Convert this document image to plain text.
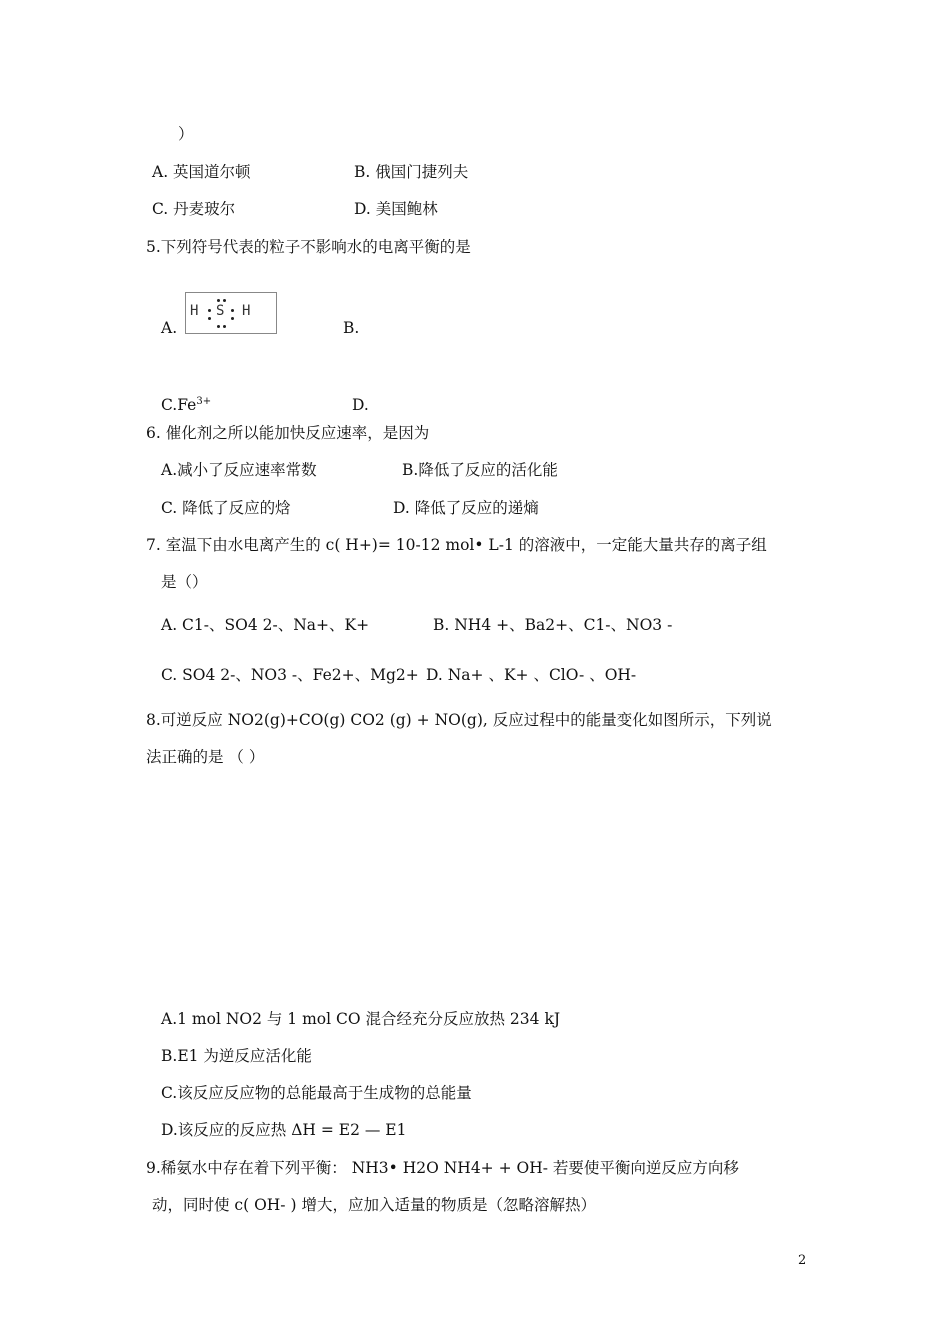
）
A. 英国道尔顿	B. 俄国门捷列夫
C. 丹麦玻尔	D. 美国鲍林
5.下列符号代表的粒子不影响水的电离平衡的是
A.
H S H
B.
$C.Fe^{3+}$	D.
6. 催化剂之所以能加快反应速率，是因为
A.减小了反应速率常数	B.降低了反应的活化能
C. 降低了反应的焓	D. 降低了反应的递熵
7. 室温下由水电离产生的 c( H+)= 10-12 mol• L-1 的溶液中，一定能大量共存的离子组
是（）
A. C1-、SO4 2-、Na+、K+	B. NH4 +、Ba2+、C1-、NO3 -
C. SO4 2-、NO3 -、Fe2+、Mg2+ D. Na+ 、K+ 、ClO- 、OH-
8.可逆反应 NO2(g)+CO(g) CO2 (g) + NO(g), 反应过程中的能量变化如图所示，下列说
法正确的是 （ ）
A.1 mol NO2 与 1 mol CO 混合经充分反应放热 234 kJ
B.E1 为逆反应活化能
C.该反应反应物的总能最高于生成物的总能量
D.该反应的反应热 ΔH = E2 — E1
9.稀氨水中存在着下列平衡： NH3• H2O NH4+ + OH- 若要使平衡向逆反应方向移
动，同时使 c( OH- ) 增大，应加入适量的物质是（忽略溶解热）
2
